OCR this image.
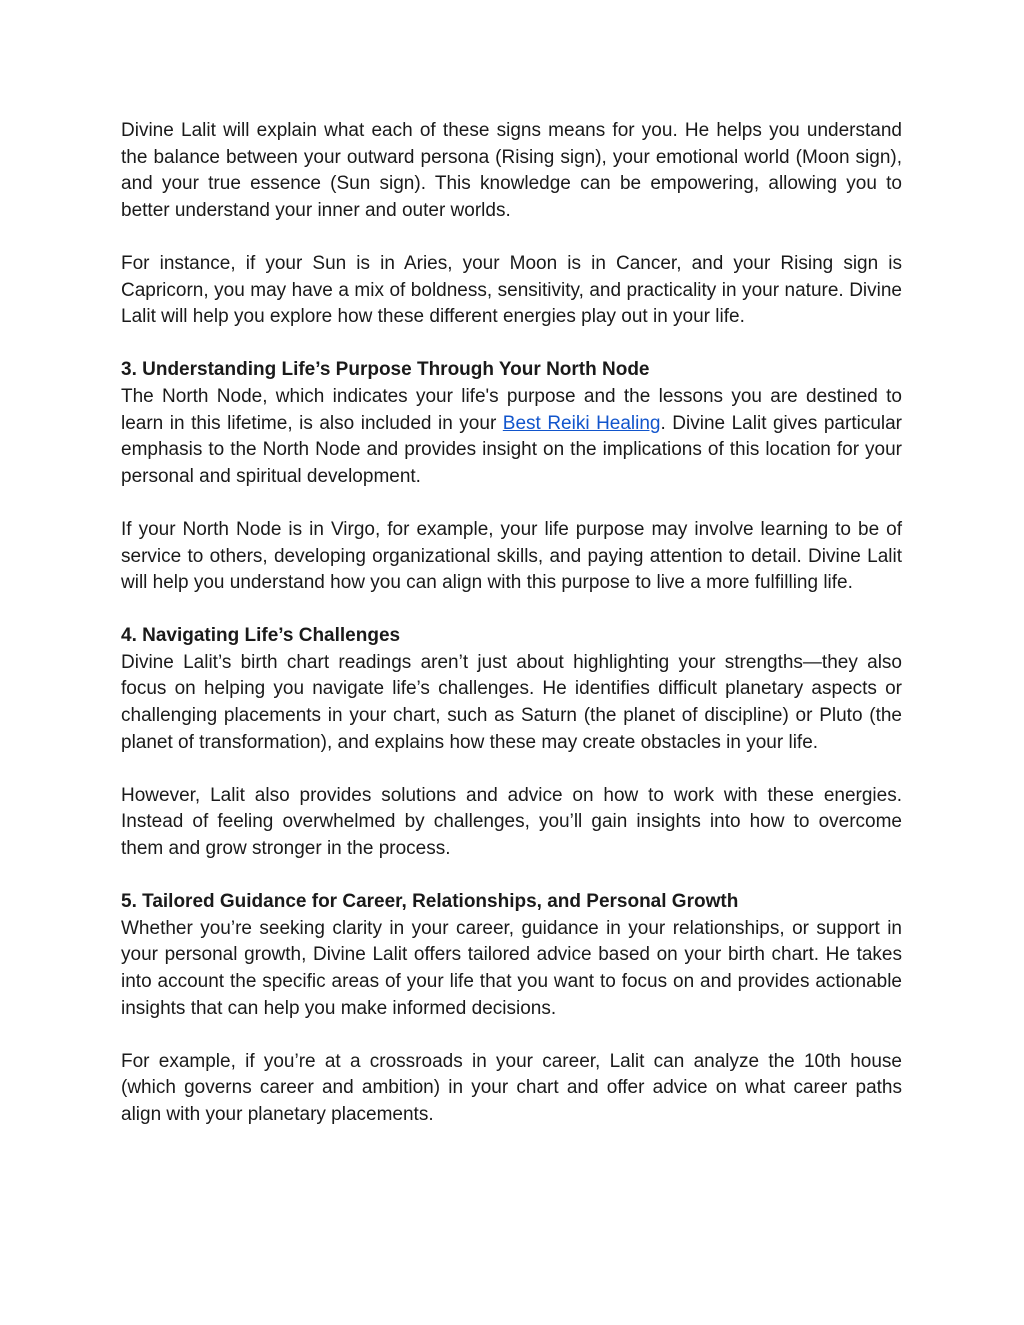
Divine Lalit will explain what each of these signs means for you. He helps you understand the balance between your outward persona (Rising sign), your emotional world (Moon sign), and your true essence (Sun sign). This knowledge can be empowering, allowing you to better understand your inner and outer worlds.

For instance, if your Sun is in Aries, your Moon is in Cancer, and your Rising sign is Capricorn, you may have a mix of boldness, sensitivity, and practicality in your nature. Divine Lalit will help you explore how these different energies play out in your life.

3. Understanding Life’s Purpose Through Your North Node

The North Node, which indicates your life's purpose and the lessons you are destined to learn in this lifetime, is also included in your Best Reiki Healing. Divine Lalit gives particular emphasis to the North Node and provides insight on the implications of this location for your personal and spiritual development.

If your North Node is in Virgo, for example, your life purpose may involve learning to be of service to others, developing organizational skills, and paying attention to detail. Divine Lalit will help you understand how you can align with this purpose to live a more fulfilling life.

4. Navigating Life’s Challenges

Divine Lalit’s birth chart readings aren’t just about highlighting your strengths—they also focus on helping you navigate life’s challenges. He identifies difficult planetary aspects or challenging placements in your chart, such as Saturn (the planet of discipline) or Pluto (the planet of transformation), and explains how these may create obstacles in your life.

However, Lalit also provides solutions and advice on how to work with these energies. Instead of feeling overwhelmed by challenges, you’ll gain insights into how to overcome them and grow stronger in the process.

5. Tailored Guidance for Career, Relationships, and Personal Growth

Whether you’re seeking clarity in your career, guidance in your relationships, or support in your personal growth, Divine Lalit offers tailored advice based on your birth chart. He takes into account the specific areas of your life that you want to focus on and provides actionable insights that can help you make informed decisions.

For example, if you’re at a crossroads in your career, Lalit can analyze the 10th house (which governs career and ambition) in your chart and offer advice on what career paths align with your planetary placements.
